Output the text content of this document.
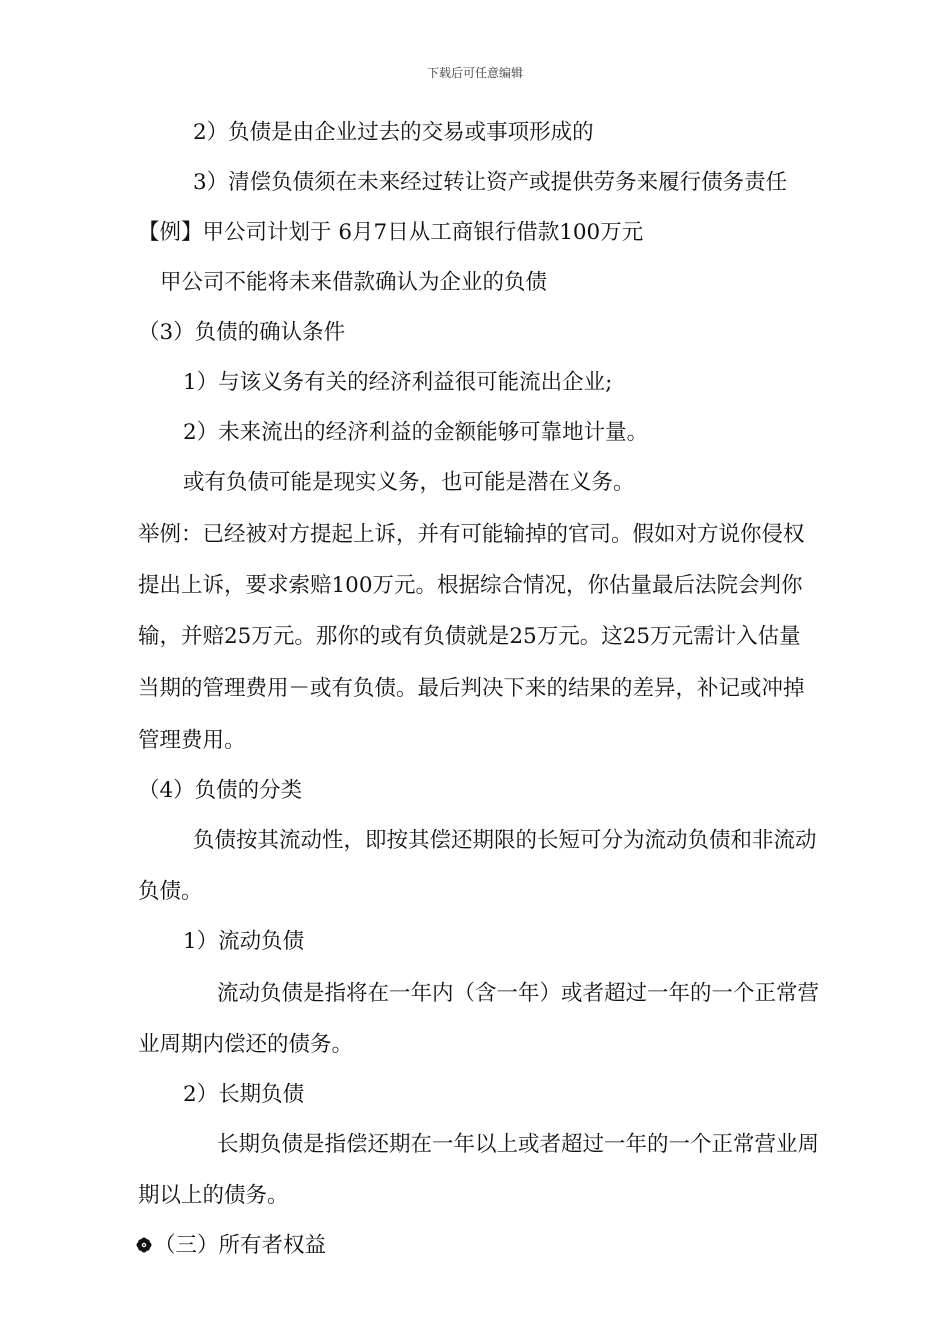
下载后可任意编辑
2）负债是由企业过去的交易或事项形成的
3）清偿负债须在未来经过转让资产或提供劳务来履行债务责任
【例】甲公司计划于 6月7日从工商银行借款100万元
甲公司不能将未来借款确认为企业的负债
（3）负债的确认条件
1）与该义务有关的经济利益很可能流出企业;
2）未来流出的经济利益的金额能够可靠地计量。
或有负债可能是现实义务，也可能是潜在义务。
举例：已经被对方提起上诉，并有可能输掉的官司。假如对方说你侵权
提出上诉，要求索赔100万元。根据综合情况，你估量最后法院会判你
输，并赔25万元。那你的或有负债就是25万元。这25万元需计入估量
当期的管理费用－或有负债。最后判决下来的结果的差异，补记或冲掉
管理费用。
（4）负债的分类
负债按其流动性，即按其偿还期限的长短可分为流动负债和非流动
负债。
1）流动负债
流动负债是指将在一年内（含一年）或者超过一年的一个正常营
业周期内偿还的债务。
2）长期负债
长期负债是指偿还期在一年以上或者超过一年的一个正常营业周
期以上的债务。
（三）所有者权益
